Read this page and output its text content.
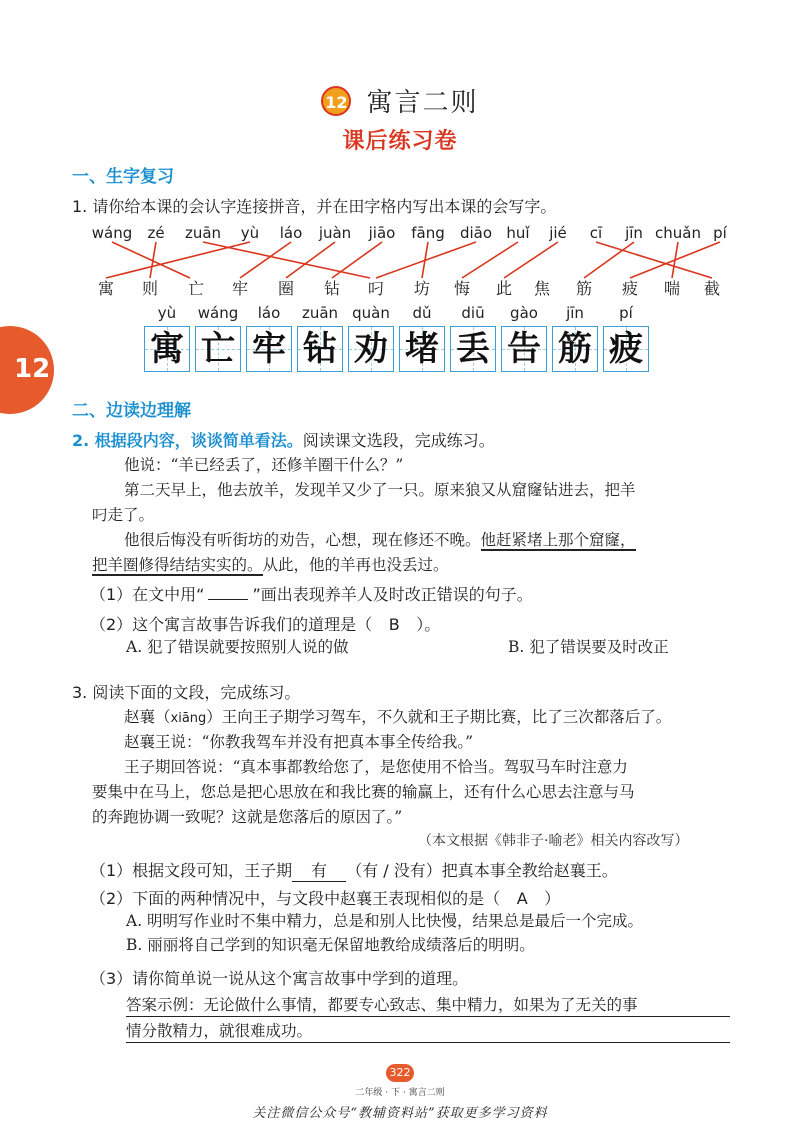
12 寓言二则
课后练习卷
12
一、生字复习
1. 请你给本课的会认字连接拼音，并在田字格内写出本课的会写字。
wáng zé zuān yù láo juàn jiāo fāng diāo huǐ jié cī jīn chuǎn pí
寓 则 亡 牢 圈 钻 叼 坊 悔 此 焦 筋 疲 喘 截
yù wáng láo zuān quàn dǔ diū gào jīn pí
寓 亡 牢 钻 劝 堵 丢 告 筋 疲
二、边读边理解
2. 根据段内容，谈谈简单看法。阅读课文选段，完成练习。
他说：“羊已经丢了，还修羊圈干什么？”
第二天早上，他去放羊，发现羊又少了一只。原来狼又从窟窿钻进去，把羊
叼走了。
他很后悔没有听街坊的劝告，心想，现在修还不晚。他赶紧堵上那个窟窿，
把羊圈修得结结实实的。从此，他的羊再也没丢过。
（1）在文中用“	”画出表现养羊人及时改正错误的句子。
（2）这个寓言故事告诉我们的道理是（ B ）。
A. 犯了错误就要按照别人说的做	B. 犯了错误要及时改正
3. 阅读下面的文段，完成练习。
赵襄（xiāng）王向王子期学习驾车，不久就和王子期比赛，比了三次都落后了。
赵襄王说：“你教我驾车并没有把真本事全传给我。”
王子期回答说：“真本事都教给您了，是您使用不恰当。驾驭马车时注意力
要集中在马上，您总是把心思放在和我比赛的输赢上，还有什么心思去注意与马
的奔跑协调一致呢？这就是您落后的原因了。”
（本文根据《韩非子·喻老》相关内容改写）
（1）根据文段可知，王子期 有 （有 / 没有）把真本事全教给赵襄王。
（2）下面的两种情况中，与文段中赵襄王表现相似的是（ A ）
A. 明明写作业时不集中精力，总是和别人比快慢，结果总是最后一个完成。
B. 丽丽将自己学到的知识毫无保留地教给成绩落后的明明。
（3）请你简单说一说从这个寓言故事中学到的道理。
答案示例：无论做什么事情，都要专心致志、集中精力，如果为了无关的事
情分散精力，就很难成功。
322
二年级 · 下 · 寓言二则
关注微信公众号“教辅资料站”获取更多学习资料
